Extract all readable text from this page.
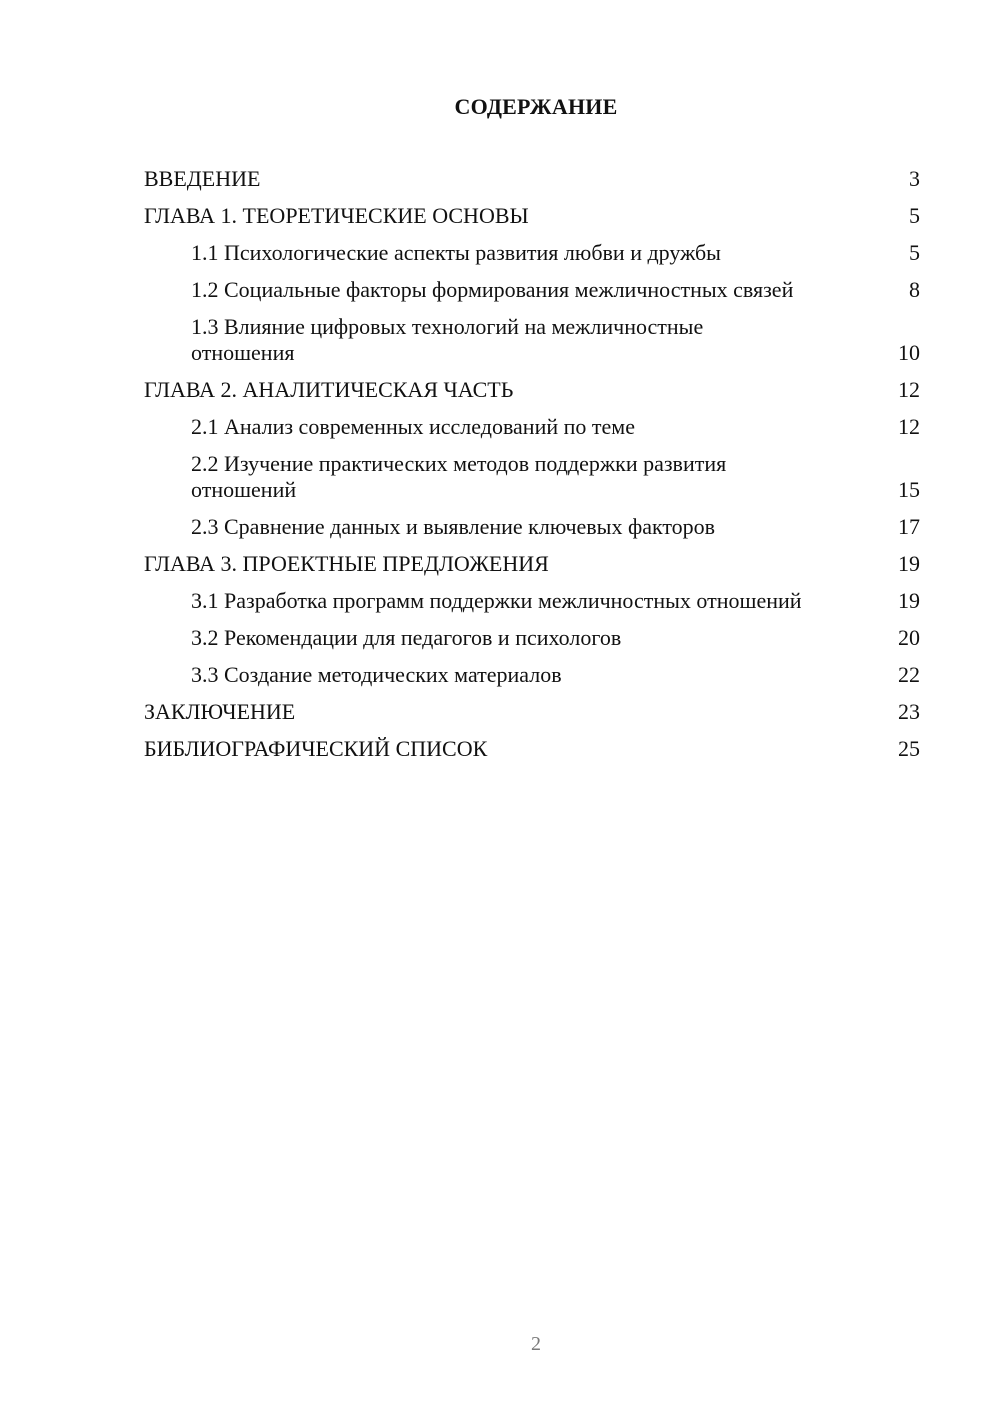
СОДЕРЖАНИЕ
ВВЕДЕНИЕ	3
ГЛАВА 1. ТЕОРЕТИЧЕСКИЕ ОСНОВЫ	5
1.1 Психологические аспекты развития любви и дружбы	5
1.2 Социальные факторы формирования межличностных связей	8
1.3 Влияние цифровых технологий на межличностные отношения	10
ГЛАВА 2. АНАЛИТИЧЕСКАЯ ЧАСТЬ	12
2.1 Анализ современных исследований по теме	12
2.2 Изучение практических методов поддержки развития отношений	15
2.3 Сравнение данных и выявление ключевых факторов	17
ГЛАВА 3. ПРОЕКТНЫЕ ПРЕДЛОЖЕНИЯ	19
3.1 Разработка программ поддержки межличностных отношений	19
3.2 Рекомендации для педагогов и психологов	20
3.3 Создание методических материалов	22
ЗАКЛЮЧЕНИЕ	23
БИБЛИОГРАФИЧЕСКИЙ СПИСОК	25
2
